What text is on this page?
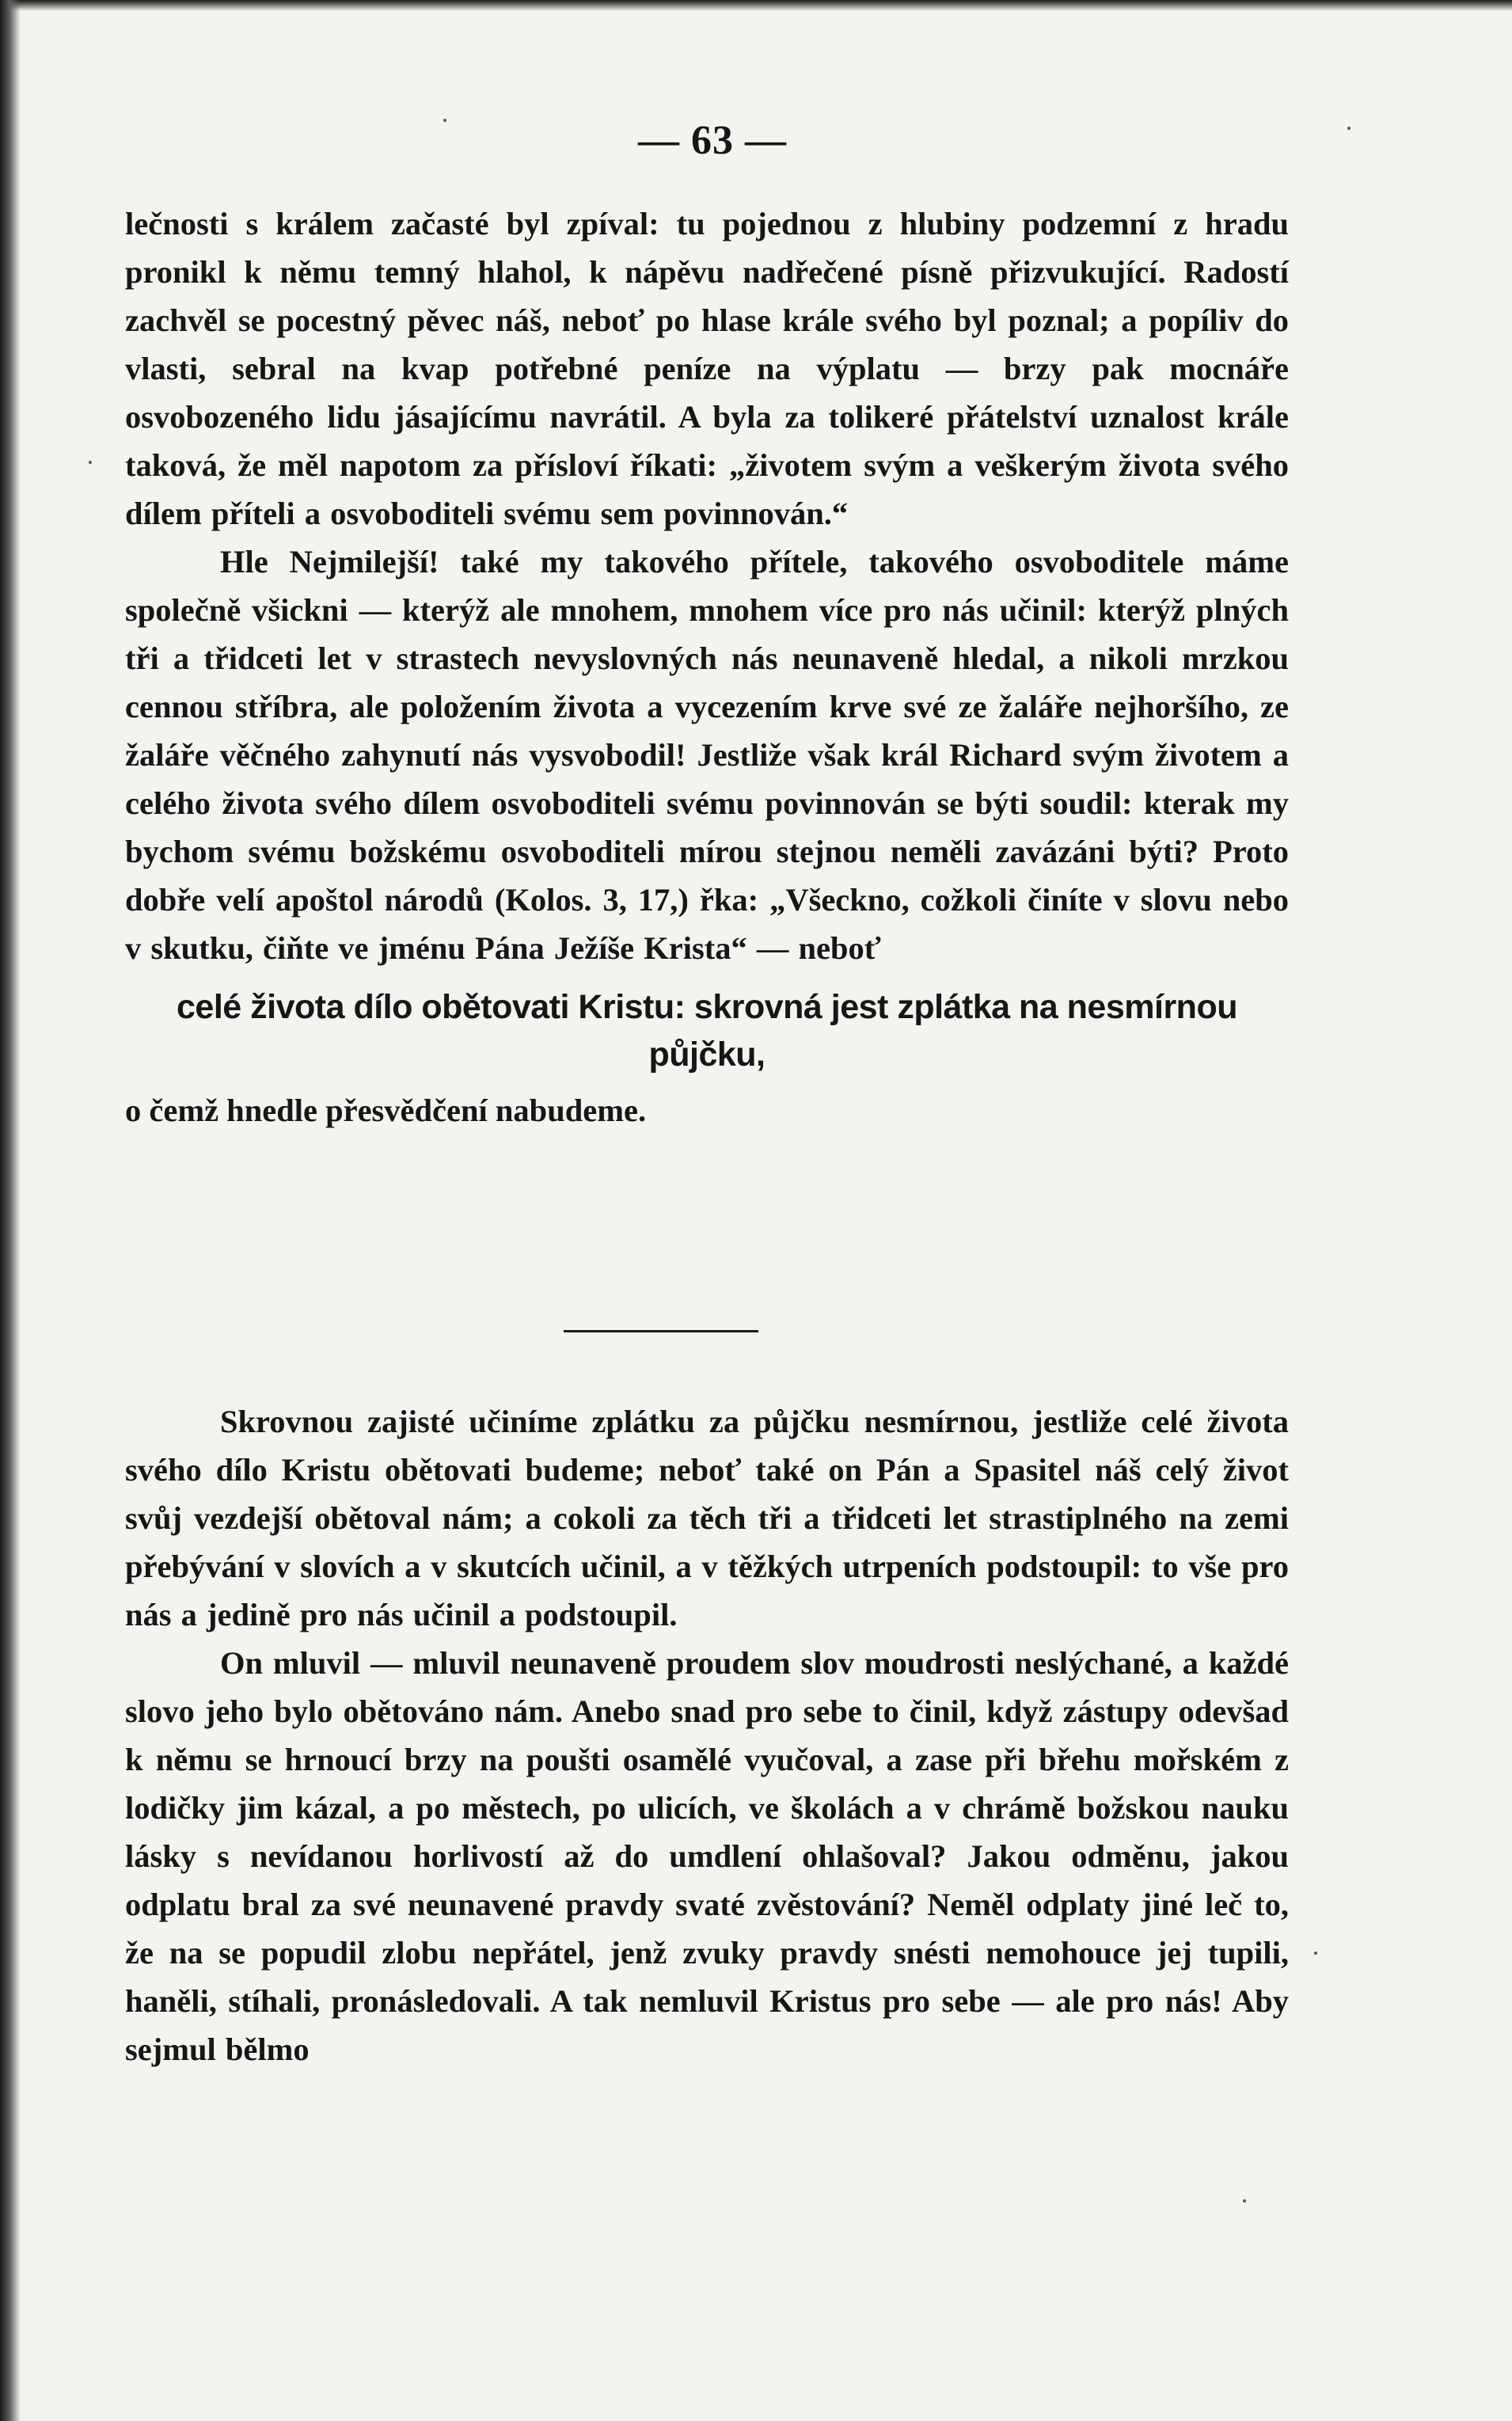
— 63 —

lečnosti s králem začasté byl zpíval: tu pojednou z hlubiny podzemní z hradu pronikl k němu temný hlahol, k nápěvu nadřečené písně přizvukující. Radostí zachvěl se pocestný pěvec náš, neboť po hlase krále svého byl poznal; a popíliv do vlasti, sebral na kvap potřebné peníze na výplatu — brzy pak mocnáře osvobozeného lidu jásajícímu navrátil. A byla za tolikeré přátelství uznalost krále taková, že měl napotom za přísloví říkati: „životem svým a veškerým života svého dílem příteli a osvoboditeli svému sem povinnován.“

Hle Nejmilejší! také my takového přítele, takového osvoboditele máme společně všickni — kterýž ale mnohem, mnohem více pro nás učinil: kterýž plných tři a třidceti let v strastech nevyslovných nás neunaveně hledal, a nikoli mrzkou cennou stříbra, ale položením života a vycezením krve své ze žaláře nejhoršího, ze žaláře věčného zahynutí nás vysvobodil! Jestliže však král Richard svým životem a celého života svého dílem osvoboditeli svému povinnován se býti soudil: kterak my bychom svému božskému osvoboditeli mírou stejnou neměli zavázáni býti? Proto dobře velí apoštol národů (Kolos. 3, 17,) řka: „Všeckno, cožkoli činíte v slovu nebo v skutku, čiňte ve jménu Pána Ježíše Krista“ — neboť

celé života dílo obětovati Kristu: skrovná jest zplátka na nesmírnou půjčku,

o čemž hnedle přesvědčení nabudeme.

Skrovnou zajisté učiníme zplátku za půjčku nesmírnou, jestliže celé života svého dílo Kristu obětovati budeme; neboť také on Pán a Spasitel náš celý život svůj vezdejší obětoval nám; a cokoli za těch tři a třidceti let strastiplného na zemi přebývání v slovích a v skutcích učinil, a v těžkých utrpeních podstoupil: to vše pro nás a jedině pro nás učinil a podstoupil.

On mluvil — mluvil neunaveně proudem slov moudrosti neslýchané, a každé slovo jeho bylo obětováno nám. Anebo snad pro sebe to činil, když zástupy odevšad k němu se hrnoucí brzy na poušti osamělé vyučoval, a zase při břehu mořském z lodičky jim kázal, a po městech, po ulicích, ve školách a v chrámě božskou nauku lásky s nevídanou horlivostí až do umdlení ohlašoval? Jakou odměnu, jakou odplatu bral za své neunavené pravdy svaté zvěstování? Neměl odplaty jiné leč to, že na se popudil zlobu nepřátel, jenž zvuky pravdy snésti nemohouce jej tupili, haněli, stíhali, pronásledovali. A tak nemluvil Kristus pro sebe — ale pro nás! Aby sejmul bělmo
